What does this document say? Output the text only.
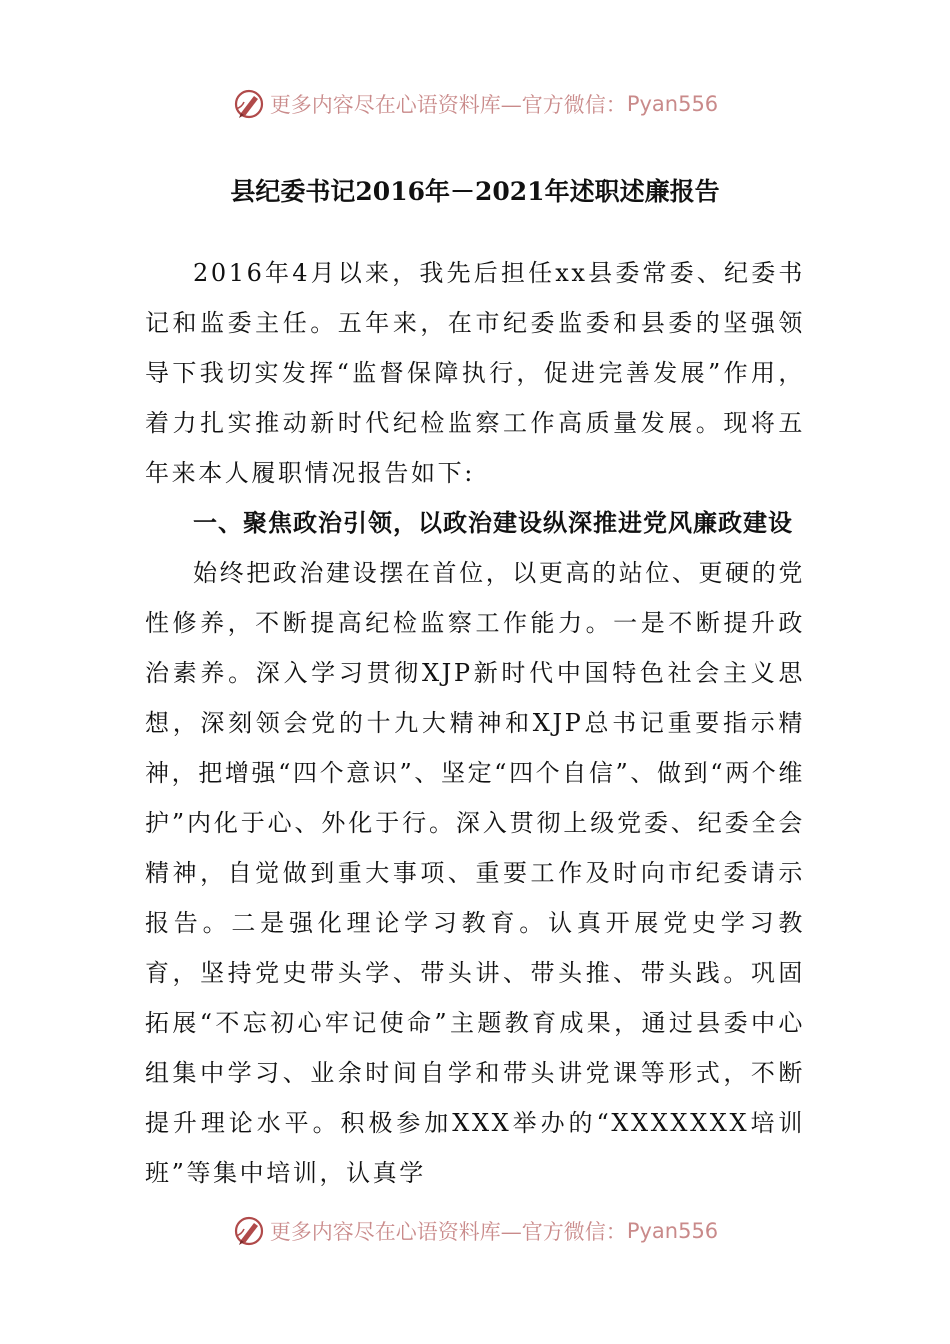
更多内容尽在心语资料库—官方微信： Pyan556
县纪委书记2016年－2021年述职述廉报告

2016年4月以来，我先后担任xx县委常委、纪委书记和监委主任。五年来，在市纪委监委和县委的坚强领导下我切实发挥“监督保障执行，促进完善发展”作用，着力扎实推动新时代纪检监察工作高质量发展。现将五年来本人履职情况报告如下:

一、聚焦政治引领，以政治建设纵深推进党风廉政建设

始终把政治建设摆在首位，以更高的站位、更硬的党性修养，不断提高纪检监察工作能力。一是不断提升政治素养。深入学习贯彻XJP新时代中国特色社会主义思想，深刻领会党的十九大精神和XJP总书记重要指示精神，把增强“四个意识”、坚定“四个自信”、做到“两个维护”内化于心、外化于行。深入贯彻上级党委、纪委全会精神，自觉做到重大事项、重要工作及时向市纪委请示报告。二是强化理论学习教育。认真开展党史学习教育，坚持党史带头学、带头讲、带头推、带头践。巩固拓展“不忘初心牢记使命”主题教育成果，通过县委中心组集中学习、业余时间自学和带头讲党课等形式，不断提升理论水平。积极参加XXX举办的“XXXXXXX培训班”等集中培训，认真学

更多内容尽在心语资料库—官方微信： Pyan556
